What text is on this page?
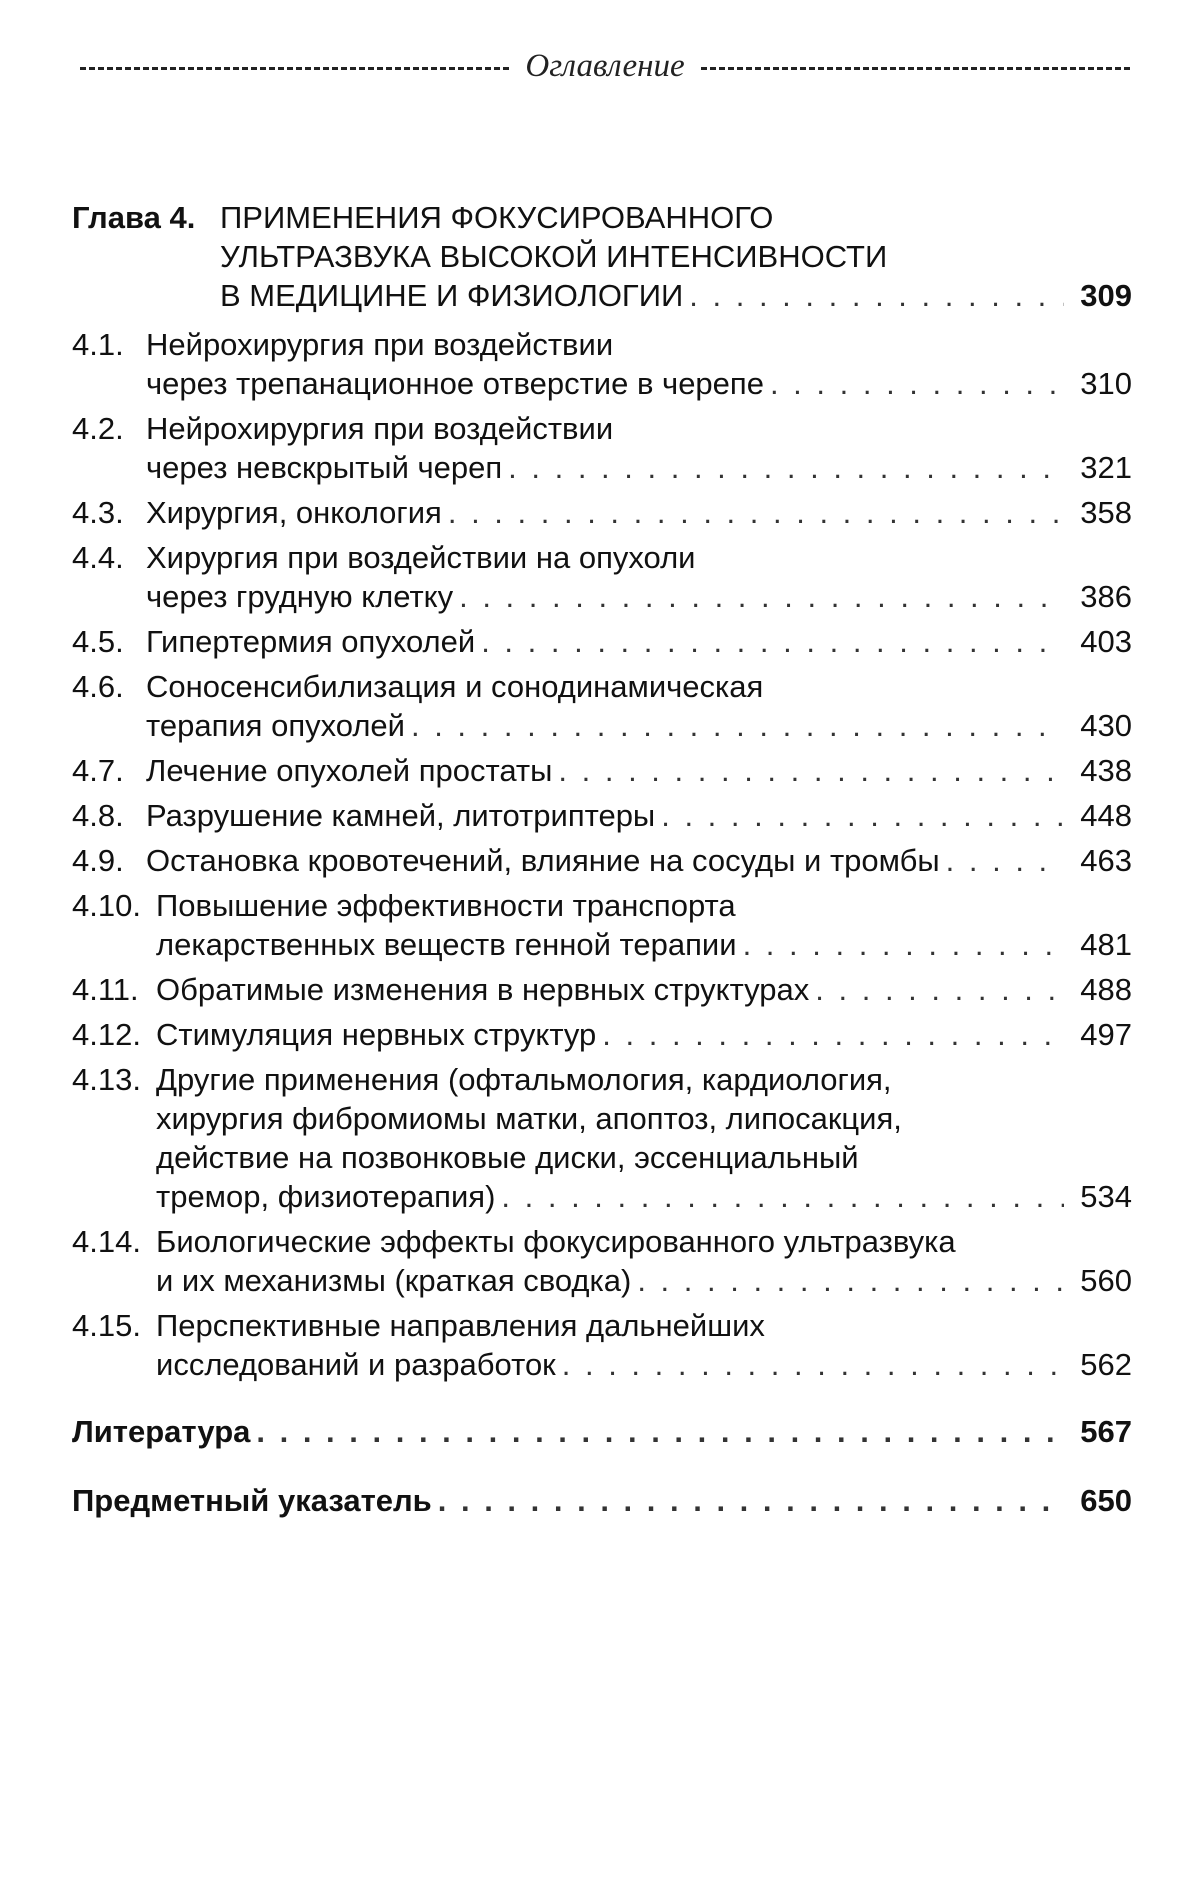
Оглавление
Глава 4. ПРИМЕНЕНИЯ ФОКУСИРОВАННОГО
УЛЬТРАЗВУКА ВЫСОКОЙ ИНТЕНСИВНОСТИ
В МЕДИЦИНЕ И ФИЗИОЛОГИИ . . .	309
4.1. Нейрохирургия при воздействии
через трепанационное отверстие в черепе . . .	310
4.2. Нейрохирургия при воздействии
через невскрытый череп . . .	321
4.3. Хирургия, онкология . . .	358
4.4. Хирургия при воздействии на опухоли
через грудную клетку . . .	386
4.5. Гипертермия опухолей . . .	403
4.6. Соносенсибилизация и сонодинамическая
терапия опухолей . . .	430
4.7. Лечение опухолей простаты . . .	438
4.8. Разрушение камней, литотриптеры . . .	448
4.9. Остановка кровотечений, влияние на сосуды и тромбы . . .	463
4.10. Повышение эффективности транспорта
лекарственных веществ генной терапии . . .	481
4.11. Обратимые изменения в нервных структурах . . .	488
4.12. Стимуляция нервных структур . . .	497
4.13. Другие применения (офтальмология, кардиология,
хирургия фибромиомы матки, апоптоз, липосакция,
действие на позвонковые диски, эссенциальный
тремор, физиотерапия) . . .	534
4.14. Биологические эффекты фокусированного ультразвука
и их механизмы (краткая сводка) . . .	560
4.15. Перспективные направления дальнейших
исследований и разработок . . .	562
Литература . . .	567
Предметный указатель . . .	650
